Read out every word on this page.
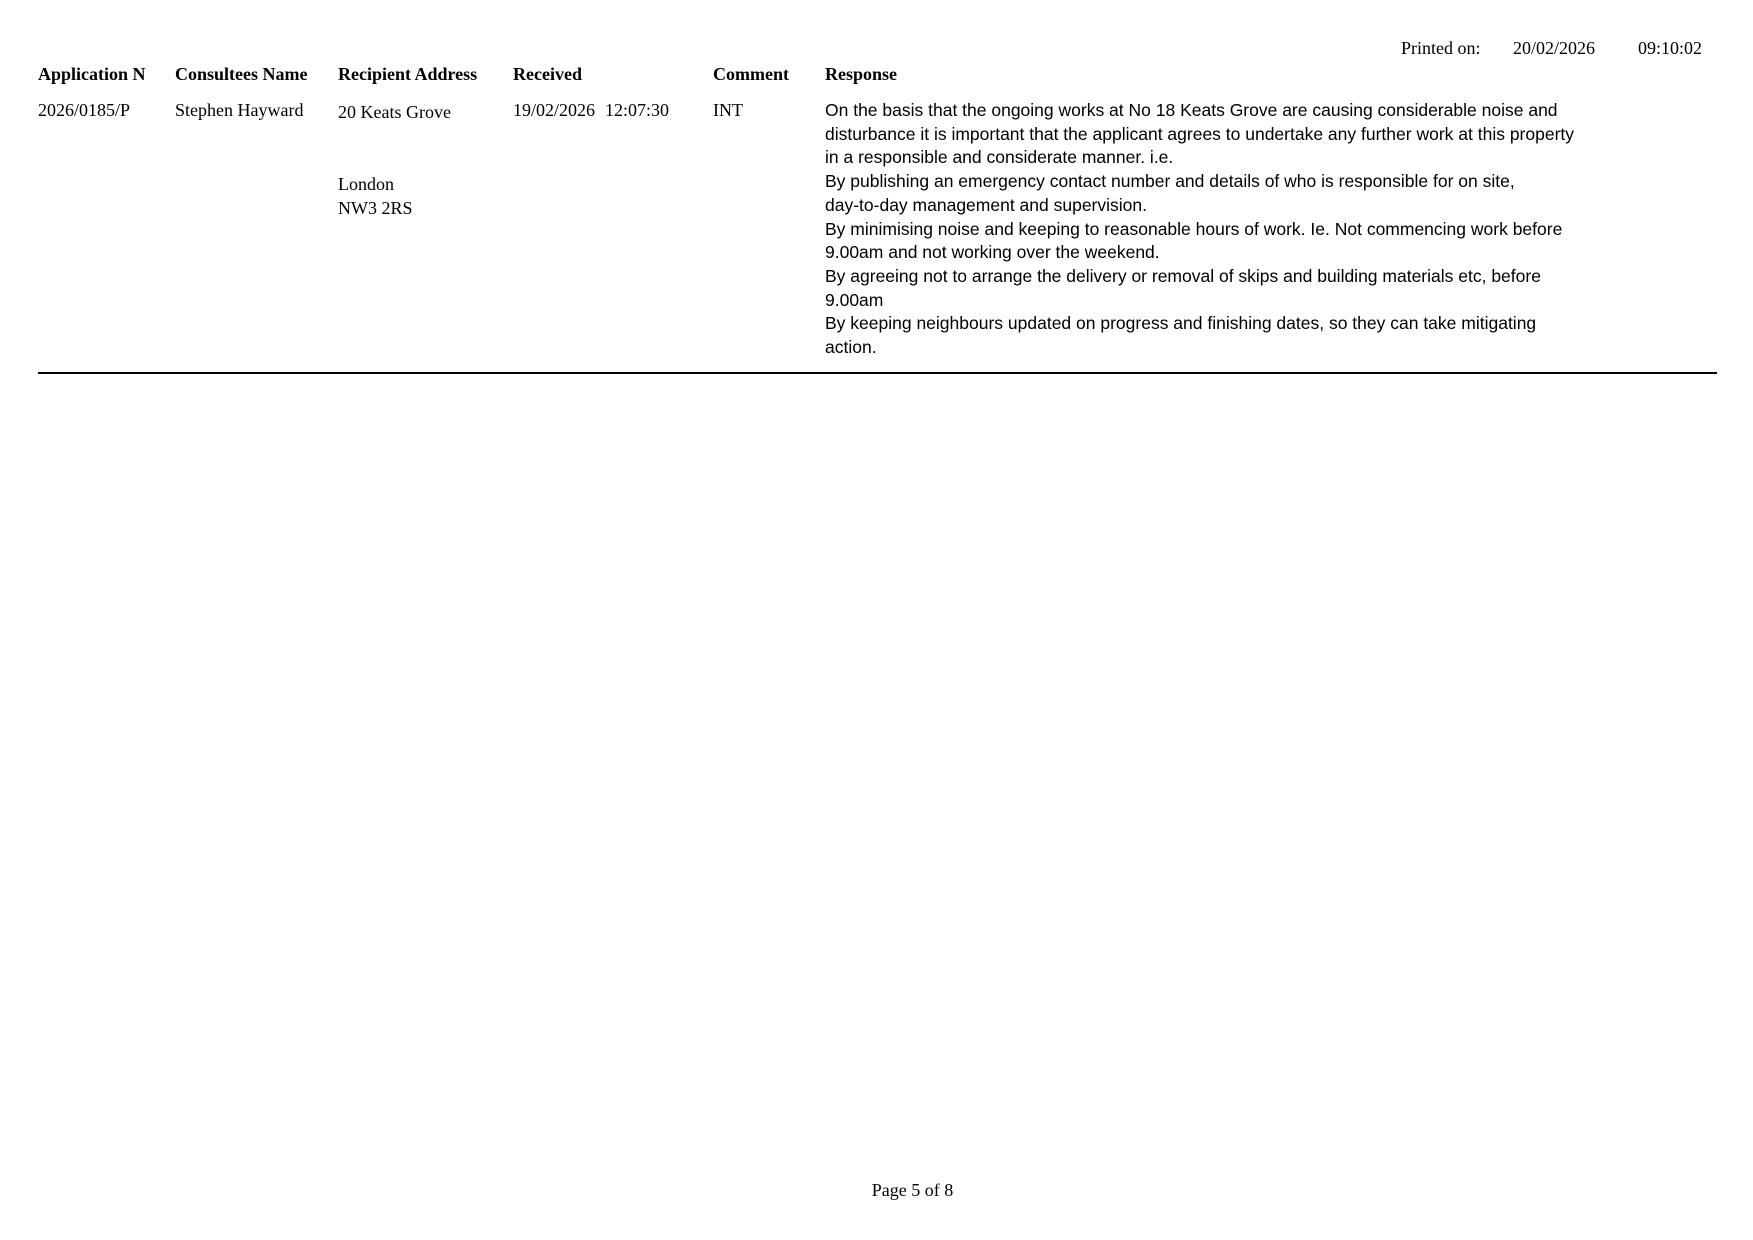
Printed on: 20/02/2026 09:10:02
Application N Consultees Name Recipient Address Received	Comment Response
2026/0185/P Stephen Hayward 20 Keats Grove
London
NW3 2RS
19/02/2026 12:07:30 INT	On the basis that the ongoing works at No 18 Keats Grove are causing considerable noise and
disturbance it is important that the applicant agrees to undertake any further work at this property
in a responsible and considerate manner. i.e.
By publishing an emergency contact number and details of who is responsible for on site,
day-to-day management and supervision.
By minimising noise and keeping to reasonable hours of work. Ie. Not commencing work before
9.00am and not working over the weekend.
By agreeing not to arrange the delivery or removal of skips and building materials etc, before
9.00am
By keeping neighbours updated on progress and finishing dates, so they can take mitigating
action.
Page 5 of 8
